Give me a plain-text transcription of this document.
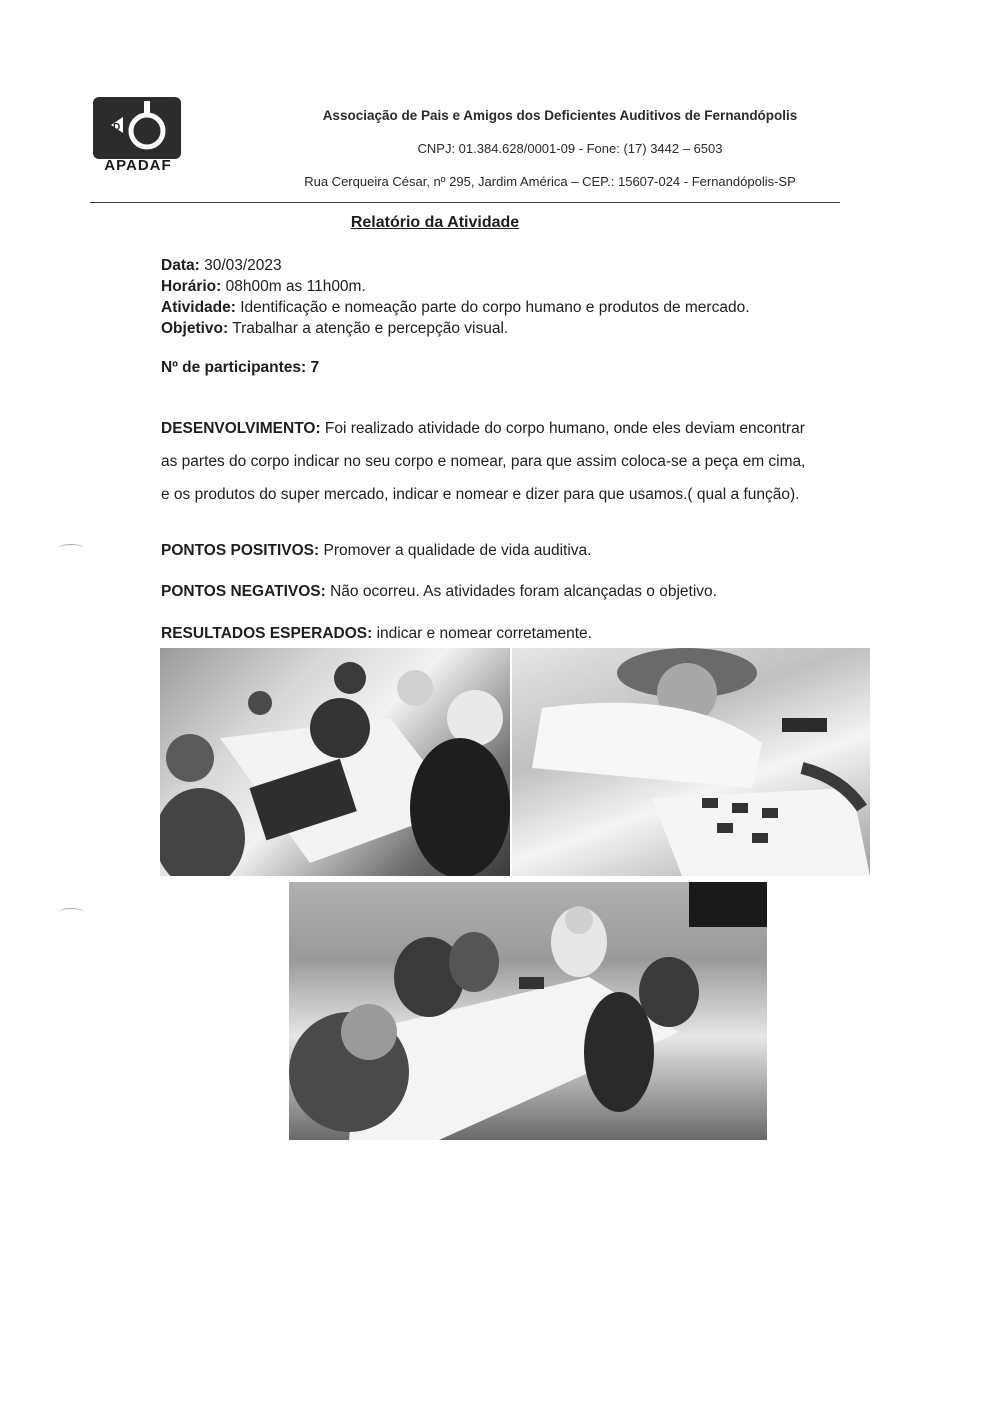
D
APADAF
Associação de Pais e Amigos dos Deficientes Auditivos de Fernandópolis
CNPJ: 01.384.628/0001-09 - Fone: (17) 3442 – 6503
Rua Cerqueira César, nº 295, Jardim América – CEP.: 15607-024 - Fernandópolis-SP
Relatório da Atividade
Data: 30/03/2023
Horário: 08h00m as 11h00m.
Atividade: Identificação e nomeação parte do corpo humano e produtos de mercado.
Objetivo: Trabalhar a atenção e percepção visual.
Nº de participantes: 7
DESENVOLVIMENTO: Foi realizado atividade do corpo humano, onde eles deviam encontrar
as partes do corpo indicar no seu corpo e nomear, para que assim coloca-se a peça em cima,
e os produtos do super mercado, indicar e nomear e dizer para que usamos.( qual a função).
PONTOS POSITIVOS: Promover a qualidade de vida auditiva.
PONTOS NEGATIVOS: Não ocorreu. As atividades foram alcançadas o objetivo.
RESULTADOS ESPERADOS: indicar e nomear corretamente.
